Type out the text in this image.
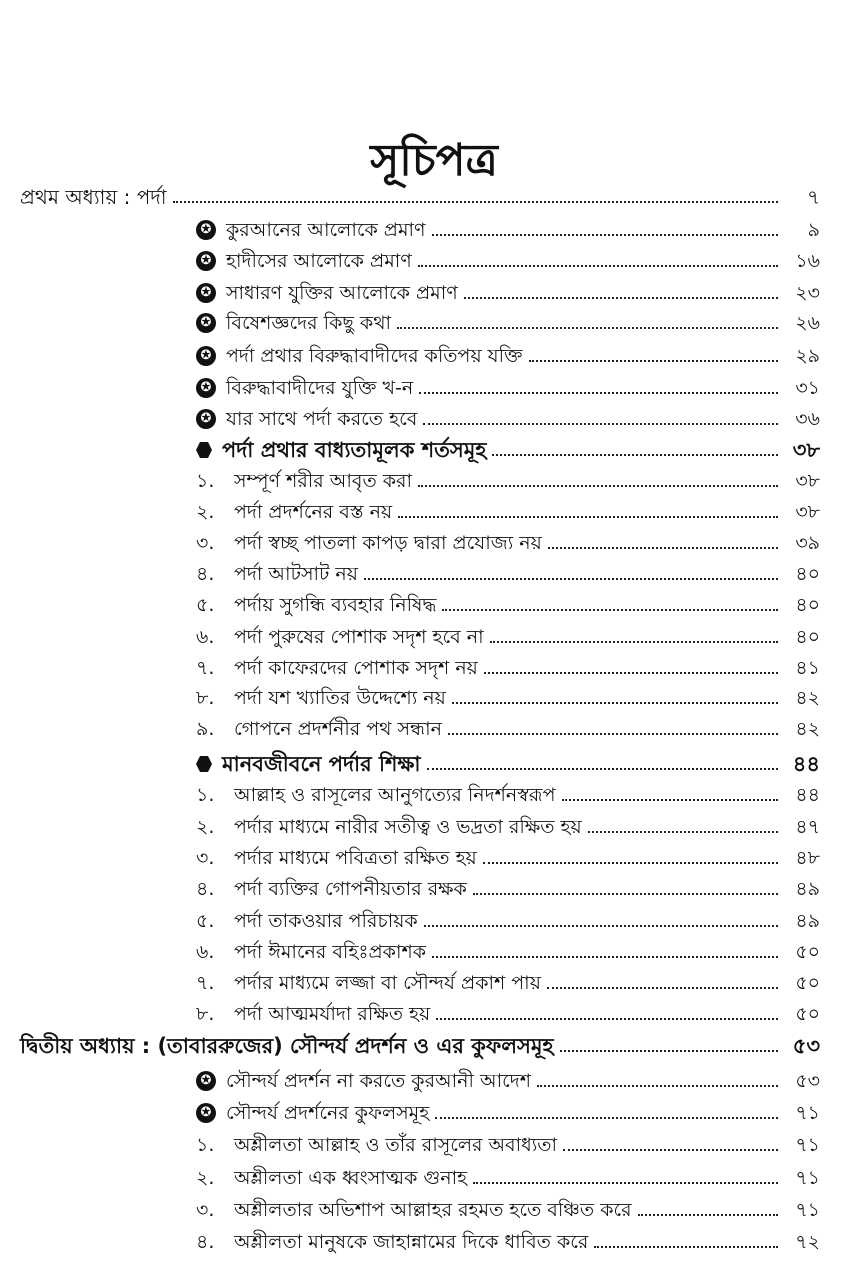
সূচিপত্র
প্রথম অধ্যায় : পর্দা	৭
✪ কুরআনের আলোকে প্রমাণ	৯
✪ হাদীসের আলোকে প্রমাণ	১৬
✪ সাধারণ যুক্তির আলোকে প্রমাণ	২৩
✪ বিষেশজ্ঞদের কিছু কথা	২৬
✪ পর্দা প্রথার বিরুদ্ধাবাদীদের কতিপয় যক্তি	২৯
✪ বিরুদ্ধাবাদীদের যুক্তি খ-ন	৩১
✪ যার সাথে পর্দা করতে হবে	৩৬
পর্দা প্রথার বাধ্যতামূলক শর্তসমূহ	৩৮
১.	সম্পূর্ণ শরীর আবৃত করা	৩৮
২.	পর্দা প্রদর্শনের বস্ত নয়	৩৮
৩.	পর্দা স্বচ্ছ পাতলা কাপড় দ্বারা প্রযোজ্য নয়	৩৯
৪.	পর্দা আটসাট নয়	৪০
৫.	পর্দায় সুগন্ধি ব্যবহার নিষিদ্ধ	৪০
৬.	পর্দা পুরুষের পোশাক সদৃশ হবে না	৪০
৭.	পর্দা কাফেরদের পোশাক সদৃশ নয়	৪১
৮.	পর্দা যশ খ্যাতির উদ্দেশ্যে নয়	৪২
৯.	গোপনে প্রদর্শনীর পথ সন্ধান	৪২
মানবজীবনে পর্দার শিক্ষা	৪৪
১.	আল্লাহ ও রাসূলের আনুগত্যের নিদর্শনস্বরূপ	৪৪
২.	পর্দার মাধ্যমে নারীর সতীত্ব ও ভদ্রতা রক্ষিত হয়	৪৭
৩.	পর্দার মাধ্যমে পবিত্রতা রক্ষিত হয়	৪৮
৪.	পর্দা ব্যক্তির গোপনীয়তার রক্ষক	৪৯
৫.	পর্দা তাকওয়ার পরিচায়ক	৪৯
৬.	পর্দা ঈমানের বহিঃপ্রকাশক	৫০
৭.	পর্দার মাধ্যমে লজ্জা বা সৌন্দর্য প্রকাশ পায়	৫০
৮.	পর্দা আত্মমর্যাদা রক্ষিত হয়	৫০
দ্বিতীয় অধ্যায় : (তাবাররুজের) সৌন্দর্য প্রদর্শন ও এর কুফলসমূহ	৫৩
✪ সৌন্দর্য প্রদর্শন না করতে কুরআনী আদেশ	৫৩
✪ সৌন্দর্য প্রদর্শনের কুফলসমূহ	৭১
১.	অশ্লীলতা আল্লাহ ও তাঁর রাসূলের অবাধ্যতা	৭১
২.	অশ্লীলতা এক ধ্বংসাত্মক গুনাহ	৭১
৩.	অশ্লীলতার অভিশাপ আল্লাহর রহমত হতে বঞ্চিত করে	৭১
৪.	অশ্লীলতা মানুষকে জাহান্নামের দিকে ধাবিত করে	৭২
